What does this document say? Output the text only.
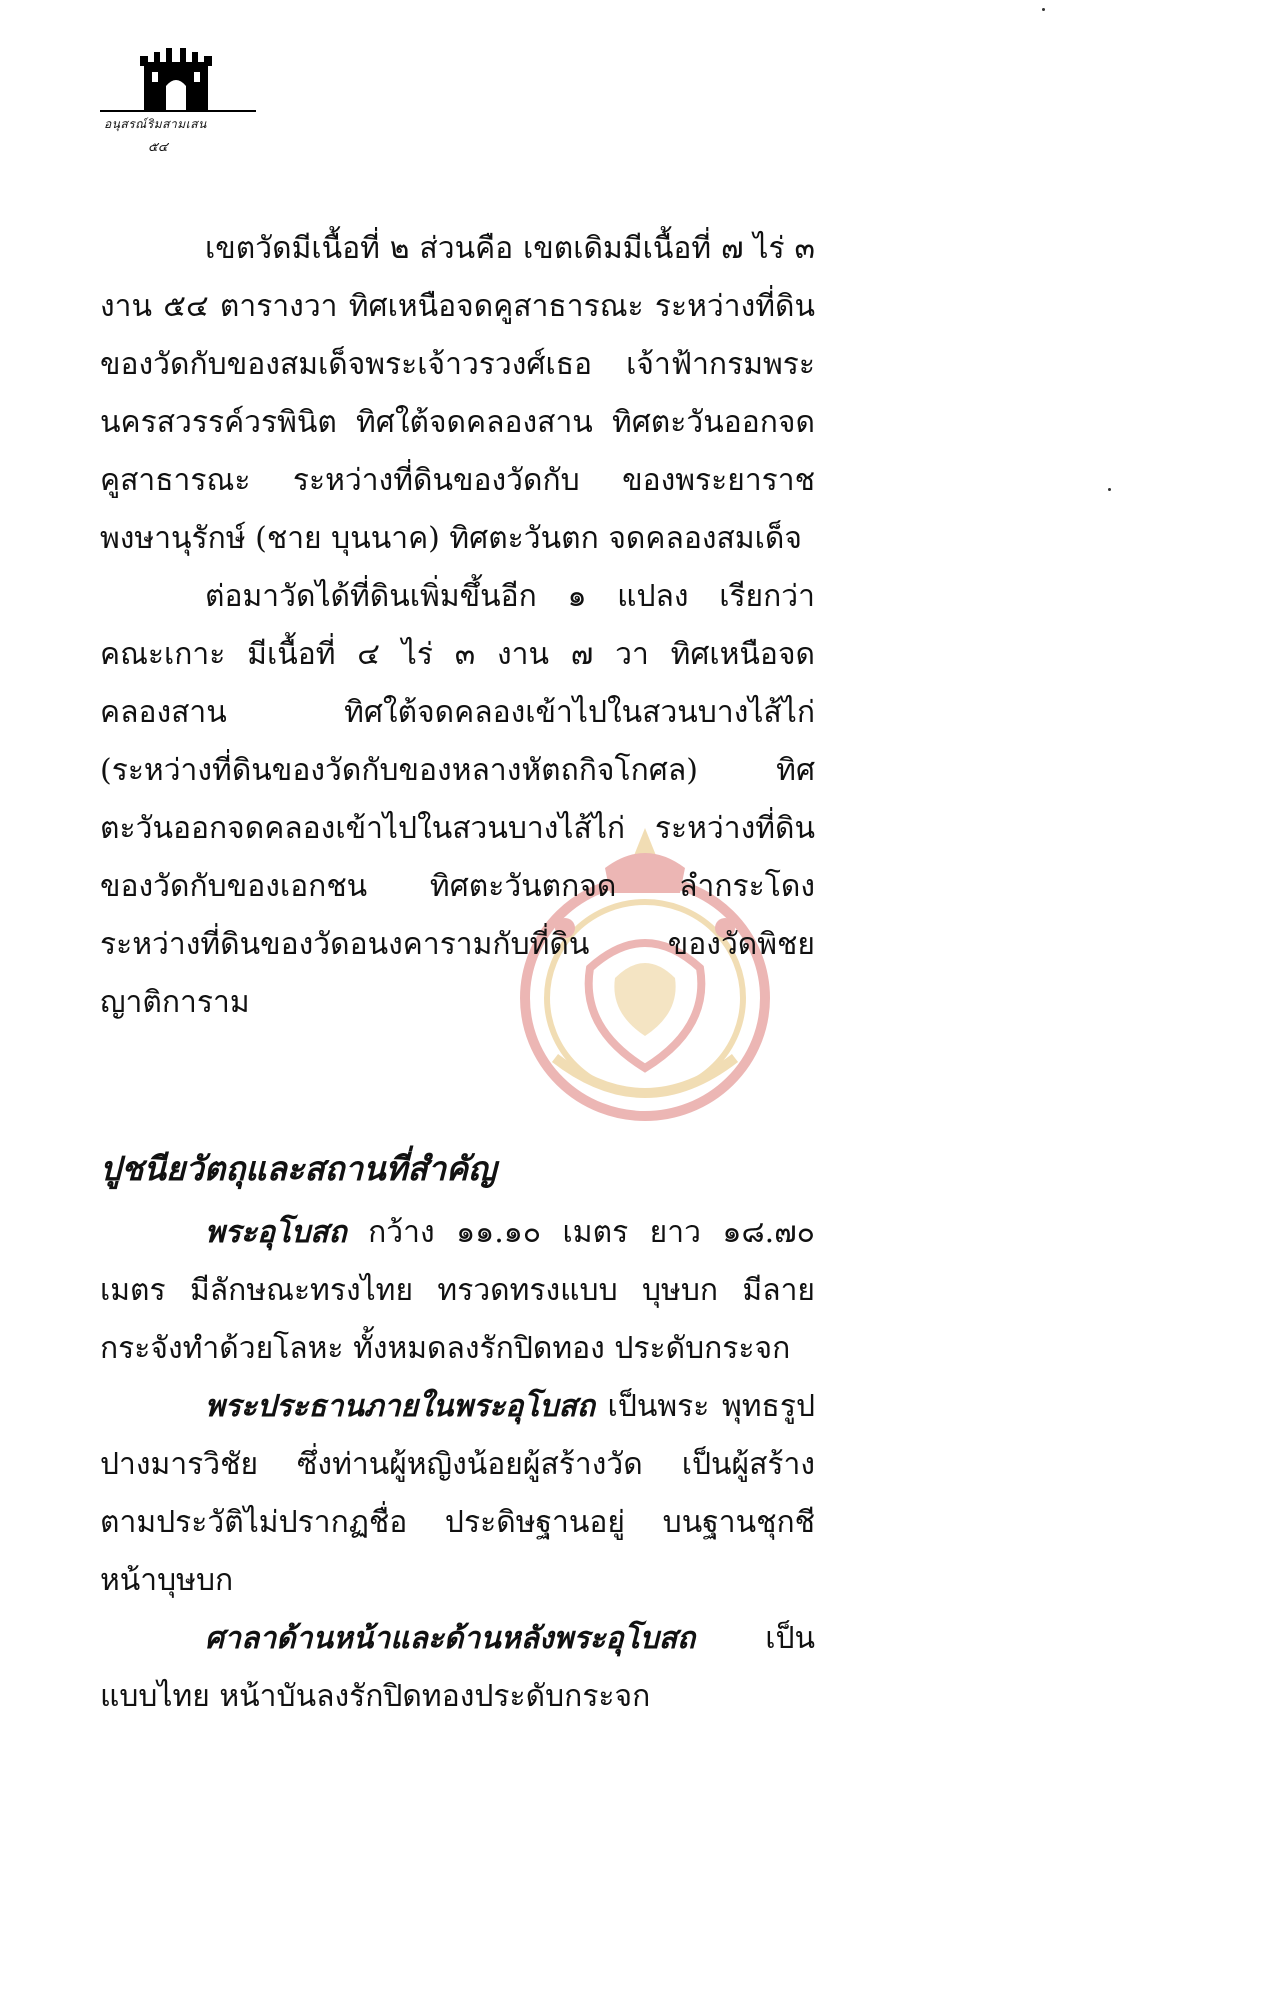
อนุสรณ์ริมสามเสน
๕๔

เขตวัดมีเนื้อที่ ๒ ส่วนคือ เขตเดิมมีเนื้อที่ ๗ ไร่ ๓ งาน ๕๔ ตารางวา ทิศเหนือจดคูสาธารณะ ระหว่างที่ดินของวัดกับของสมเด็จพระเจ้าวรวงศ์เธอ เจ้าฟ้ากรมพระนครสวรรค์วรพินิต ทิศใต้จดคลองสาน ทิศตะวันออกจดคูสาธารณะ ระหว่างที่ดินของวัดกับ ของพระยาราชพงษานุรักษ์ (ชาย บุนนาค) ทิศตะวันตก จดคลองสมเด็จ

ต่อมาวัดได้ที่ดินเพิ่มขึ้นอีก ๑ แปลง เรียกว่า คณะเกาะ มีเนื้อที่ ๔ ไร่ ๓ งาน ๗ วา ทิศเหนือจด คลองสาน ทิศใต้จดคลองเข้าไปในสวนบางไส้ไก่ (ระหว่างที่ดินของวัดกับของหลางหัตถกิจโกศล) ทิศตะวันออกจดคลองเข้าไปในสวนบางไส้ไก่ ระหว่างที่ดินของวัดกับของเอกชน ทิศตะวันตกจด ลำกระโดง ระหว่างที่ดินของวัดอนงคารามกับที่ดิน ของวัดพิชยญาติการาม

ปูชนียวัตถุและสถานที่สำคัญ

พระอุโบสถ กว้าง ๑๑.๑๐ เมตร ยาว ๑๘.๗๐ เมตร มีลักษณะทรงไทย ทรวดทรงแบบ บุษบก มีลายกระจังทำด้วยโลหะ ทั้งหมดลงรักปิดทอง ประดับกระจก

พระประธานภายในพระอุโบสถ เป็นพระ พุทธรูปปางมารวิชัย ซึ่งท่านผู้หญิงน้อยผู้สร้างวัด เป็นผู้สร้าง ตามประวัติไม่ปรากฏชื่อ ประดิษฐานอยู่ บนฐานชุกชีหน้าบุษบก

ศาลาด้านหน้าและด้านหลังพระอุโบสถ เป็น แบบไทย หน้าบันลงรักปิดทองประดับกระจก
